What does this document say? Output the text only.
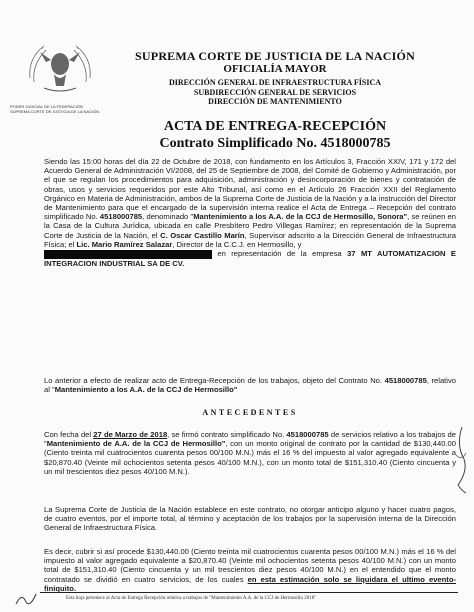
PODER JUDICIAL DE LA FEDERACIÓN
SUPREMA CORTE DE JUSTICIA DE LA NACIÓN
SUPREMA CORTE DE JUSTICIA DE LA NACIÓN
OFICIALÍA MAYOR
DIRECCIÓN GENERAL DE INFRAESTRUCTURA FÍSICA
SUBDIRECCIÓN GENERAL DE SERVICIOS
DIRECCIÓN DE MANTENIMIENTO
ACTA DE ENTREGA-RECEPCIÓN
Contrato Simplificado No. 4518000785
Siendo las 15:00 horas del día 22 de Octubre de 2018, con fundamento en los Artículos 3, Fracción XXIV, 171 y 172 del Acuerdo General de Administración VI/2008, del 25 de Septiembre de 2008, del Comité de Gobierno y Administración, por el que se regulan los procedimientos para adquisición, administración y desincorporación de bienes y contratación de obras, usos y servicios requeridos por este Alto Tribunal, así como en el Artículo 26 Fracción XXII del Reglamento Orgánico en Materia de Administración, ambos de la Suprema Corte de Justicia de la Nación y a la instrucción del Director de Mantenimiento para que el encargado de la supervisión interna realice el Acta de Entrega – Recepción del contrato simplificado No. 4518000785, denominado "Mantenimiento a los A.A. de la CCJ de Hermosillo, Sonora", se reúnen en la Casa de la Cultura Jurídica, ubicada en calle Presbítero Pedro Villegas Ramírez; en representación de la Suprema Corte de Justicia de la Nación, el C. Oscar Castillo Marín, Supervisor adscrito a la Dirección General de Infraestructura Física; el Lic. Mario Ramírez Salazar, Director de la C.C.J. en Hermosillo, y
en representación de la empresa 37 MT AUTOMATIZACION E INTEGRACION INDUSTRIAL SA DE CV.
Lo anterior a efecto de realizar acto de Entrega-Recepción de los trabajos, objeto del Contrato No. 4518000785, relativo al "Mantenimiento a los A.A. de la CCJ de Hermosillo"
ANTECEDENTES
Con fecha del 27 de Marzo de 2018, se firmó contrato simplificado No. 4518000785 de servicios relativo a los trabajos de "Mantenimiento de A.A. de la CCJ de Hermosillo", con un monto original de contrato por la cantidad de $130,440.00 (Ciento treinta mil cuatrocientos cuarenta pesos 00/100 M.N.) más el 16 % del impuesto al valor agregado equivalente a $20,870.40 (Veinte mil ochocientos setenta pesos 40/100 M.N.), con un monto total de $151,310.40 (Ciento cincuenta y un mil trescientos diez pesos 40/100 M.N.).
La Suprema Corte de Justicia de la Nación establece en este contrato, no otorgar anticipo alguno y hacer cuatro pagos, de cuatro eventos, por el importe total, al término y aceptación de los trabajos por la supervisión interna de la Dirección General de Infraestructura Física.
Es decir, cubrir si así procede $130,440.00 (Ciento treinta mil cuatrocientos cuarenta pesos 00/100 M.N.) más el 16 % del impuesto al valor agregado equivalente a $20,870.40 (Veinte mil ochocientos setenta pesos 40/100 M.N.) con un monto total de $151,310.40 (Ciento cincuenta y un mil trescientos diez pesos 40/100 M.N.) en el entendido que el monto contratado se dividió en cuatro servicios, de los cuales en esta estimación solo se liquidara el ultimo evento- finiquito.
Esta hoja pertenece al Acta de Entrega Recepción relativa a trabajos de "Mantenimiento A.A. de la CCJ de Hermosillo 2018"
